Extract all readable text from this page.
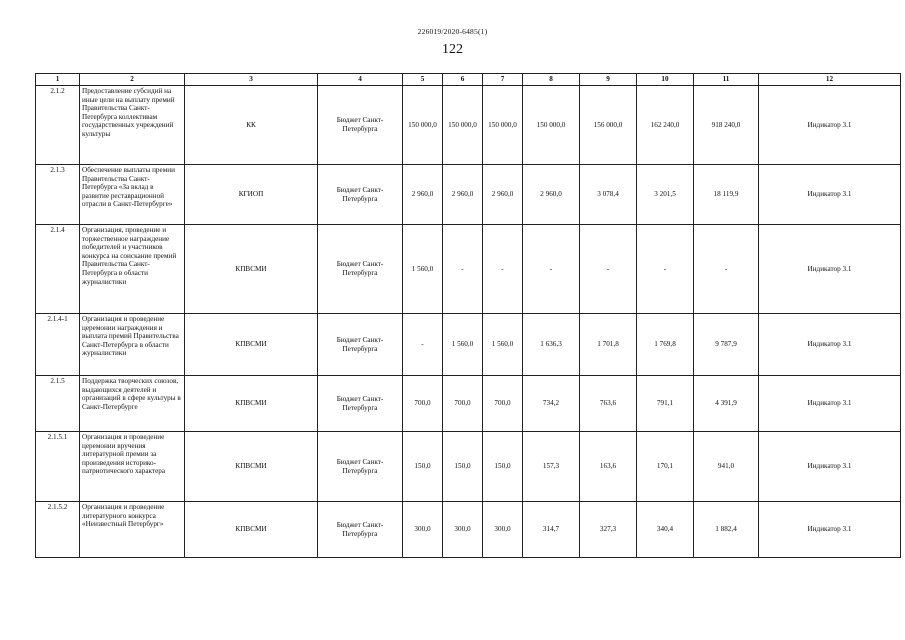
226019/2020-6485(1)
122
1	2	3	4	5	6	7	8	9	10	11	12
2.1.2	Предоставление субсидий на иные цели на выплату премий Правительства Санкт-Петербурга коллективам государственных учреждений культуры	КК	Бюджет Санкт-Петербурга	150 000,0	150 000,0	150 000,0	150 000,0	156 000,0	162 240,0	918 240,0	Индикатор 3.1
2.1.3	Обеспечение выплаты премии Правительства Санкт-Петербурга «За вклад в развитие реставрационной отрасли в Санкт-Петербурге»	КГИОП	Бюджет Санкт-Петербурга	2 960,0	2 960,0	2 960,0	2 960,0	3 078,4	3 201,5	18 119,9	Индикатор 3.1
2.1.4	Организация, проведение и торжественное награждение победителей и участников конкурса на соискание премий Правительства Санкт-Петербурга в области журналистики	КПВСМИ	Бюджет Санкт-Петербурга	1 560,0	-	-	-	-	-	-	Индикатор 3.1
2.1.4-1	Организация и проведение церемонии награждения и выплата премий Правительства Санкт-Петербурга в области журналистики	КПВСМИ	Бюджет Санкт-Петербурга	-	1 560,0	1 560,0	1 636,3	1 701,8	1 769,8	9 787,9	Индикатор 3.1
2.1.5	Поддержка творческих союзов, выдающихся деятелей и организаций в сфере культуры в Санкт-Петербурге	КПВСМИ	Бюджет Санкт-Петербурга	700,0	700,0	700,0	734,2	763,6	791,1	4 391,9	Индикатор 3.1
2.1.5.1	Организация и проведение церемонии вручения литературной премии за произведения историко-патриотического характера	КПВСМИ	Бюджет Санкт-Петербурга	150,0	150,0	150,0	157,3	163,6	170,1	941,0	Индикатор 3.1
2.1.5.2	Организация и проведение литературного конкурса «Неизвестный Петербург»	КПВСМИ	Бюджет Санкт-Петербурга	300,0	300,0	300,0	314,7	327,3	340,4	1 882,4	Индикатор 3.1
